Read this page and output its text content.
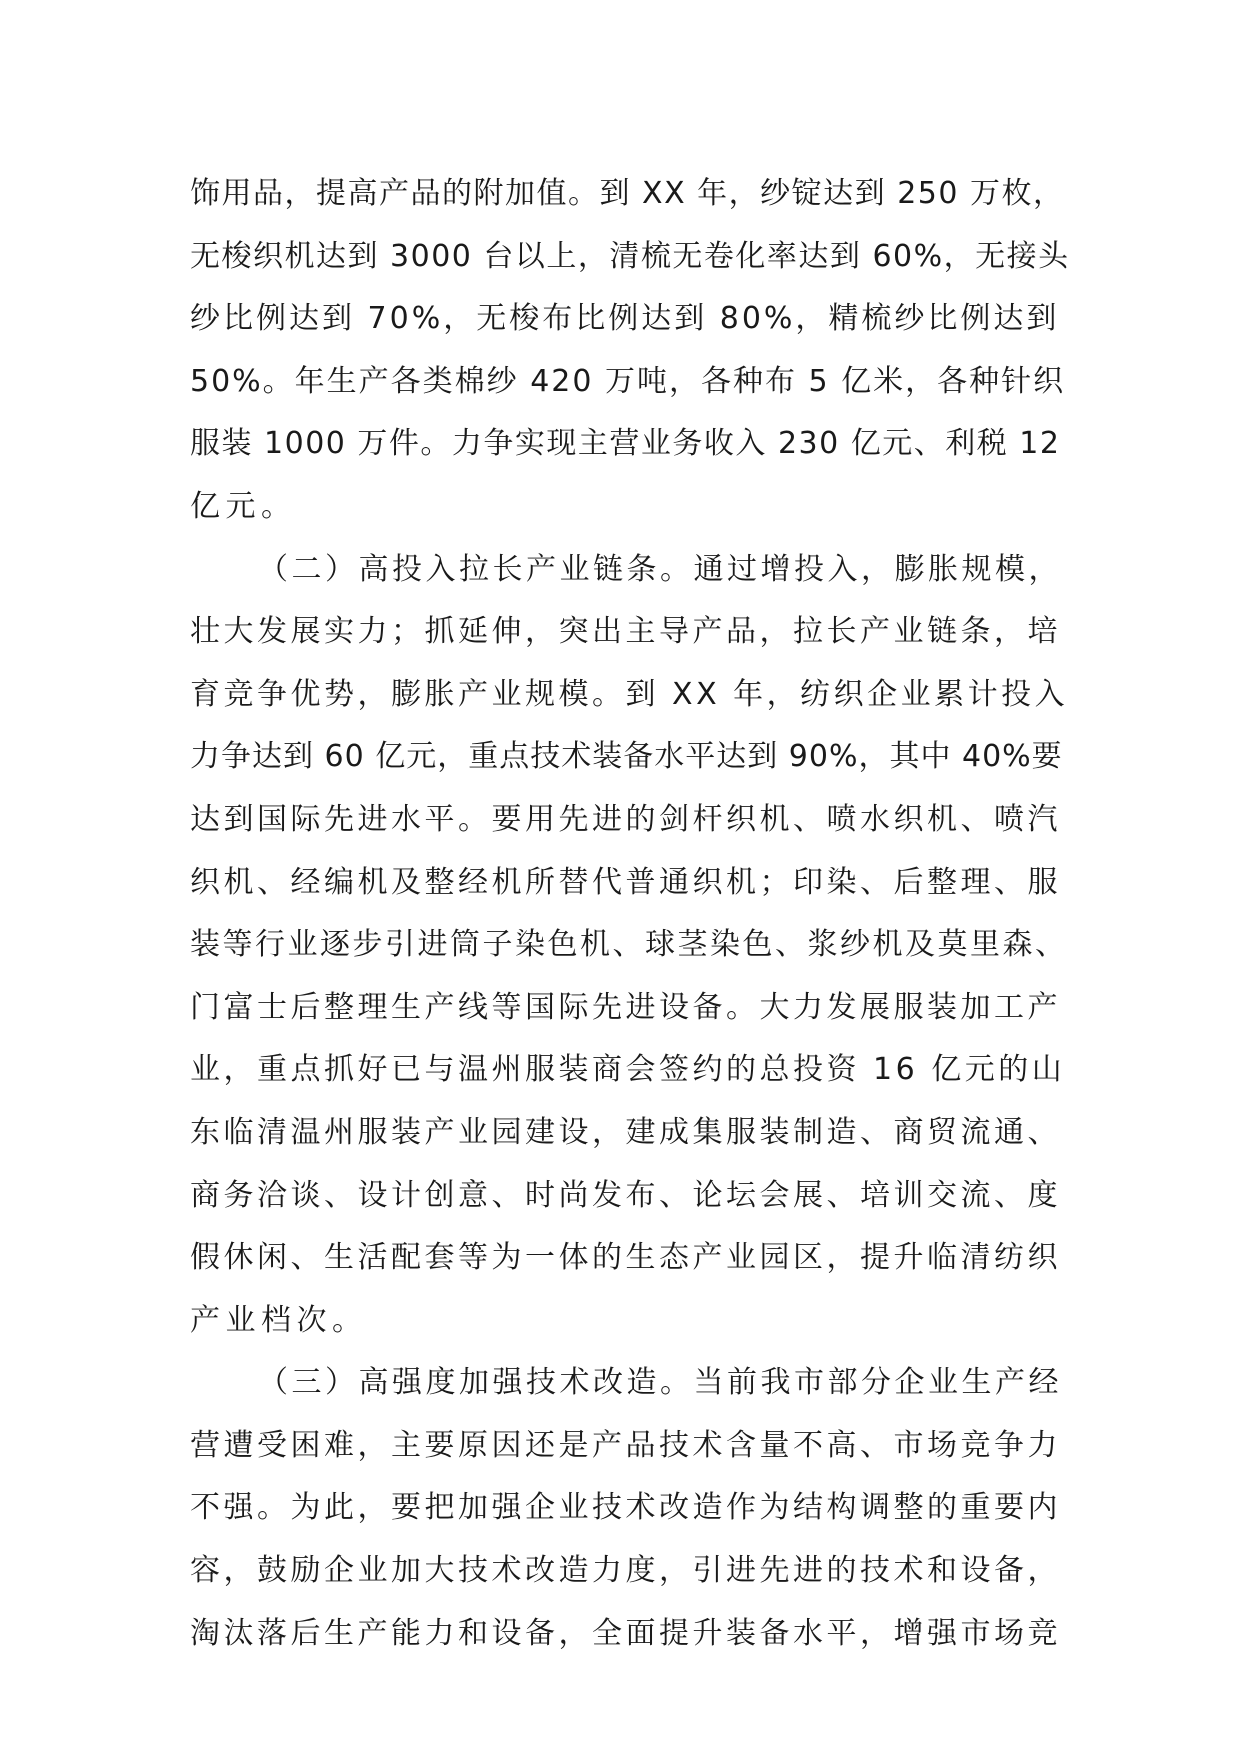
饰用品，提高产品的附加值。到 XX 年，纱锭达到 250 万枚，
无梭织机达到 3000 台以上，清梳无卷化率达到 60%，无接头
纱比例达到 70%，无梭布比例达到 80%，精梳纱比例达到
50%。年生产各类棉纱 420 万吨，各种布 5 亿米，各种针织
服装 1000 万件。力争实现主营业务收入 230 亿元、利税 12
亿元。
（二）高投入拉长产业链条。通过增投入，膨胀规模，
壮大发展实力；抓延伸，突出主导产品，拉长产业链条，培
育竞争优势，膨胀产业规模。到 XX 年，纺织企业累计投入
力争达到 60 亿元，重点技术装备水平达到 90%，其中 40%要
达到国际先进水平。要用先进的剑杆织机、喷水织机、喷汽
织机、经编机及整经机所替代普通织机；印染、后整理、服
装等行业逐步引进筒子染色机、球茎染色、浆纱机及莫里森、
门富士后整理生产线等国际先进设备。大力发展服装加工产
业，重点抓好已与温州服装商会签约的总投资 16 亿元的山
东临清温州服装产业园建设，建成集服装制造、商贸流通、
商务洽谈、设计创意、时尚发布、论坛会展、培训交流、度
假休闲、生活配套等为一体的生态产业园区，提升临清纺织
产业档次。
（三）高强度加强技术改造。当前我市部分企业生产经
营遭受困难，主要原因还是产品技术含量不高、市场竞争力
不强。为此，要把加强企业技术改造作为结构调整的重要内
容，鼓励企业加大技术改造力度，引进先进的技术和设备，
淘汰落后生产能力和设备，全面提升装备水平，增强市场竞
